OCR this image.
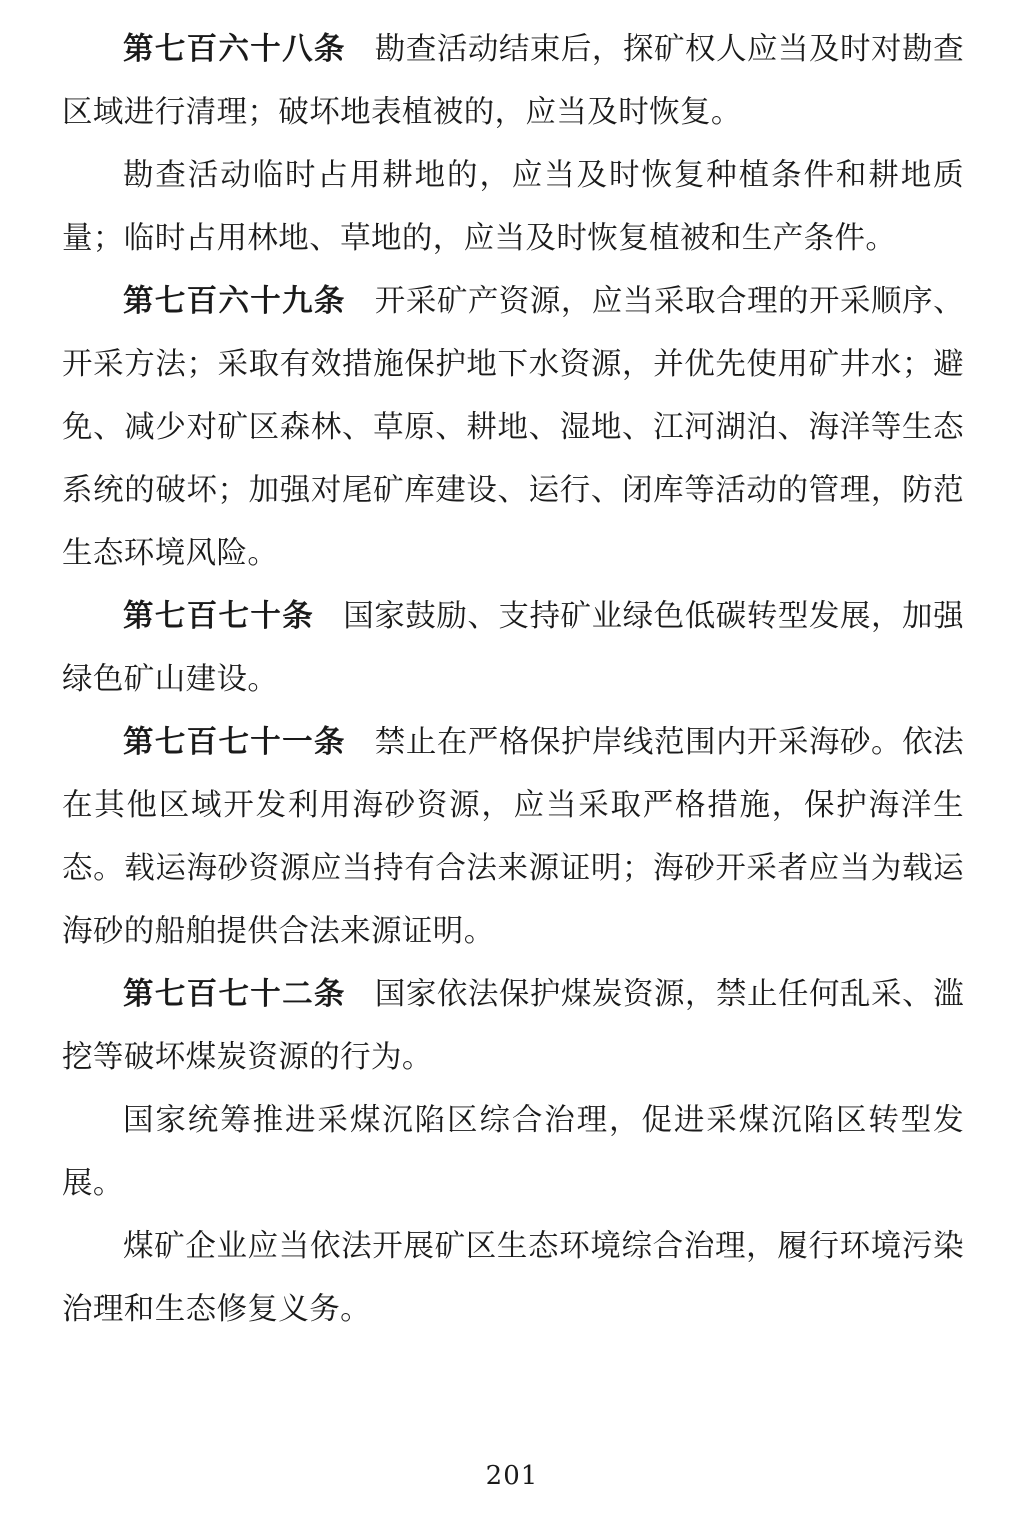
第七百六十八条 勘查活动结束后，探矿权人应当及时对勘查区域进行清理；破坏地表植被的，应当及时恢复。

勘查活动临时占用耕地的，应当及时恢复种植条件和耕地质量；临时占用林地、草地的，应当及时恢复植被和生产条件。

第七百六十九条 开采矿产资源，应当采取合理的开采顺序、开采方法；采取有效措施保护地下水资源，并优先使用矿井水；避免、减少对矿区森林、草原、耕地、湿地、江河湖泊、海洋等生态系统的破坏；加强对尾矿库建设、运行、闭库等活动的管理，防范生态环境风险。

第七百七十条 国家鼓励、支持矿业绿色低碳转型发展，加强绿色矿山建设。

第七百七十一条 禁止在严格保护岸线范围内开采海砂。依法在其他区域开发利用海砂资源，应当采取严格措施，保护海洋生态。载运海砂资源应当持有合法来源证明；海砂开采者应当为载运海砂的船舶提供合法来源证明。

第七百七十二条 国家依法保护煤炭资源，禁止任何乱采、滥挖等破坏煤炭资源的行为。

国家统筹推进采煤沉陷区综合治理，促进采煤沉陷区转型发展。

煤矿企业应当依法开展矿区生态环境综合治理，履行环境污染治理和生态修复义务。

201
